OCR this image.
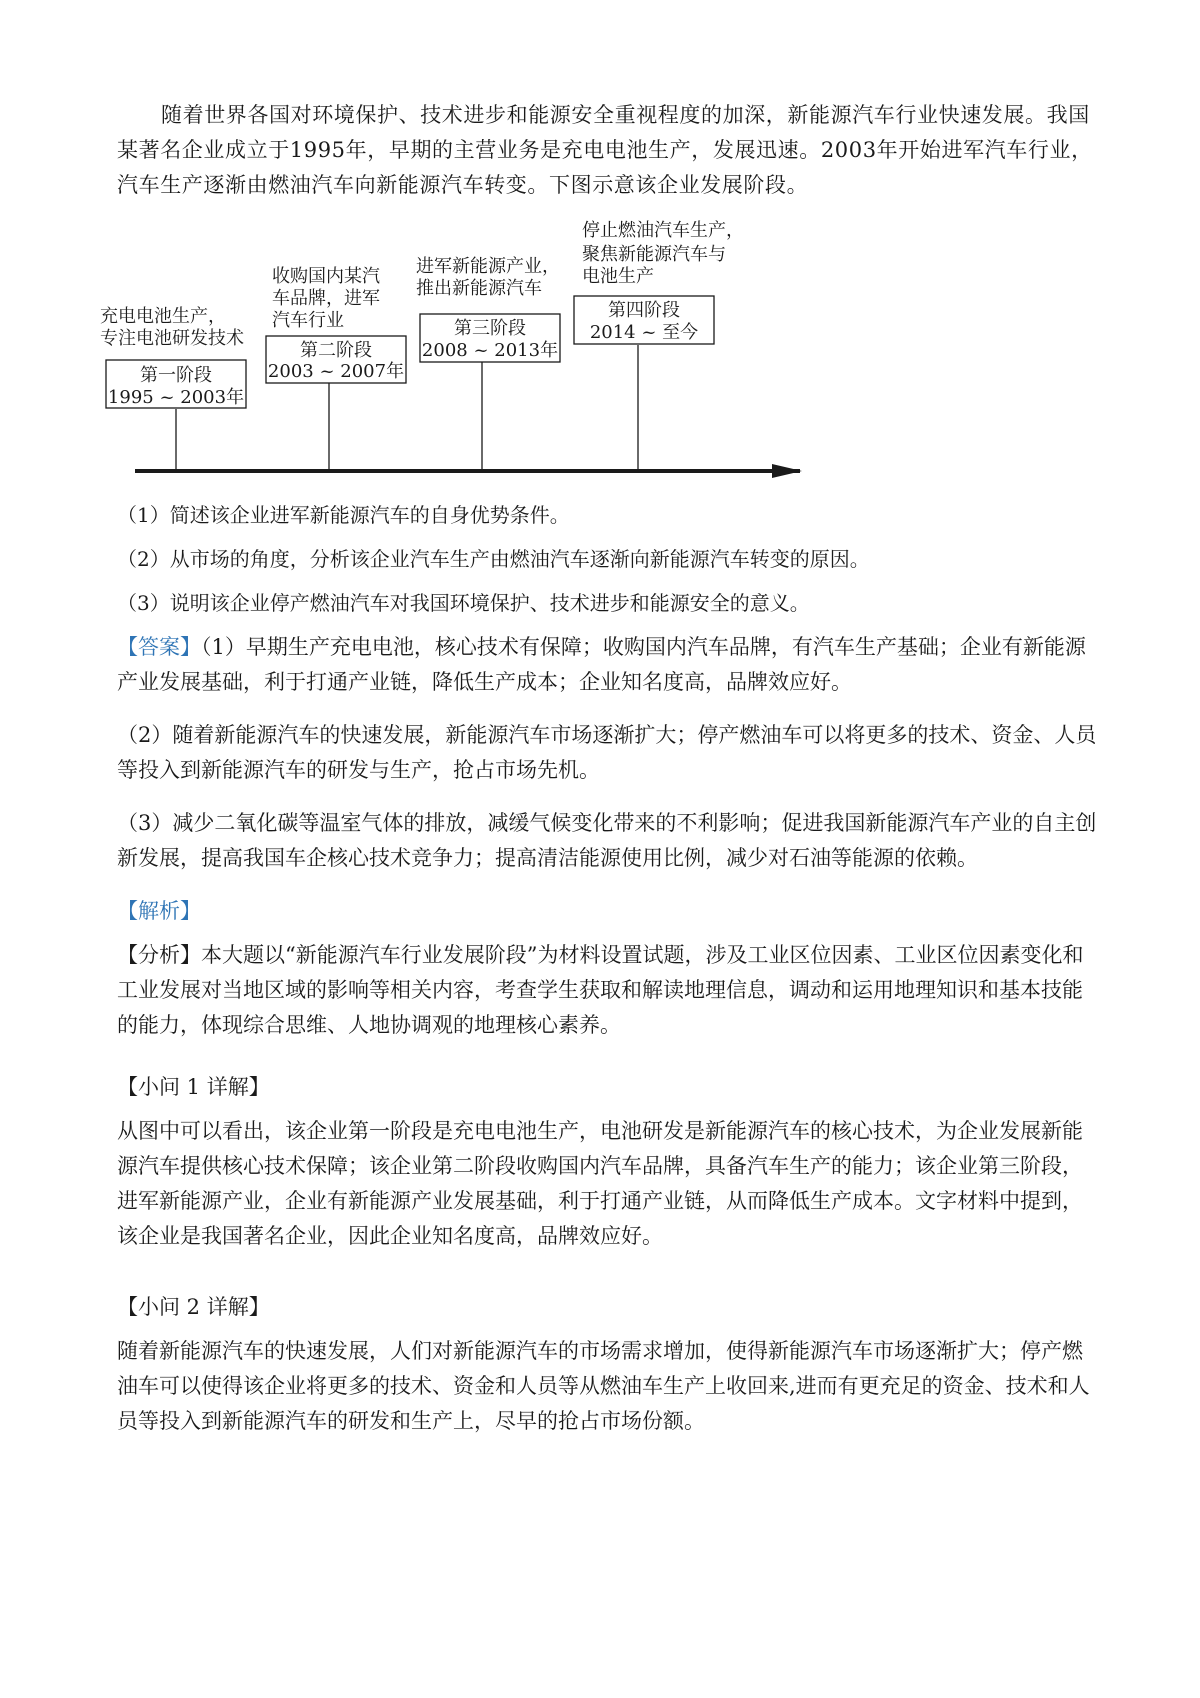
随着世界各国对环境保护、技术进步和能源安全重视程度的加深，新能源汽车行业快速发展。我国某著名企业成立于1995年，早期的主营业务是充电电池生产，发展迅速。2003年开始进军汽车行业，汽车生产逐渐由燃油汽车向新能源汽车转变。下图示意该企业发展阶段。

第一阶段
1995 ~ 2003年
充电电池生产，
专注电池研发技术
第二阶段
2003 ~ 2007年
收购国内某汽
车品牌，进军
汽车行业	第三阶段
2008 ~ 2013年
进军新能源产业，
推出新能源汽车
第四阶段
2014 ~ 至今
停止燃油汽车生产，
聚焦新能源汽车与
电池生产

（1）简述该企业进军新能源汽车的自身优势条件。

（2）从市场的角度，分析该企业汽车生产由燃油汽车逐渐向新能源汽车转变的原因。

（3）说明该企业停产燃油汽车对我国环境保护、技术进步和能源安全的意义。

【答案】（1）早期生产充电电池，核心技术有保障；收购国内汽车品牌，有汽车生产基础；企业有新能源产业发展基础，利于打通产业链，降低生产成本；企业知名度高，品牌效应好。

（2）随着新能源汽车的快速发展，新能源汽车市场逐渐扩大；停产燃油车可以将更多的技术、资金、人员等投入到新能源汽车的研发与生产，抢占市场先机。

（3）减少二氧化碳等温室气体的排放，减缓气候变化带来的不利影响；促进我国新能源汽车产业的自主创新发展，提高我国车企核心技术竞争力；提高清洁能源使用比例，减少对石油等能源的依赖。

【解析】

【分析】本大题以“新能源汽车行业发展阶段”为材料设置试题，涉及工业区位因素、工业区位因素变化和工业发展对当地区域的影响等相关内容，考查学生获取和解读地理信息，调动和运用地理知识和基本技能的能力，体现综合思维、人地协调观的地理核心素养。

【小问 1 详解】

从图中可以看出，该企业第一阶段是充电电池生产，电池研发是新能源汽车的核心技术，为企业发展新能源汽车提供核心技术保障；该企业第二阶段收购国内汽车品牌，具备汽车生产的能力；该企业第三阶段，进军新能源产业，企业有新能源产业发展基础，利于打通产业链，从而降低生产成本。文字材料中提到，该企业是我国著名企业，因此企业知名度高，品牌效应好。

【小问 2 详解】

随着新能源汽车的快速发展，人们对新能源汽车的市场需求增加，使得新能源汽车市场逐渐扩大；停产燃油车可以使得该企业将更多的技术、资金和人员等从燃油车生产上收回来,进而有更充足的资金、技术和人员等投入到新能源汽车的研发和生产上，尽早的抢占市场份额。
